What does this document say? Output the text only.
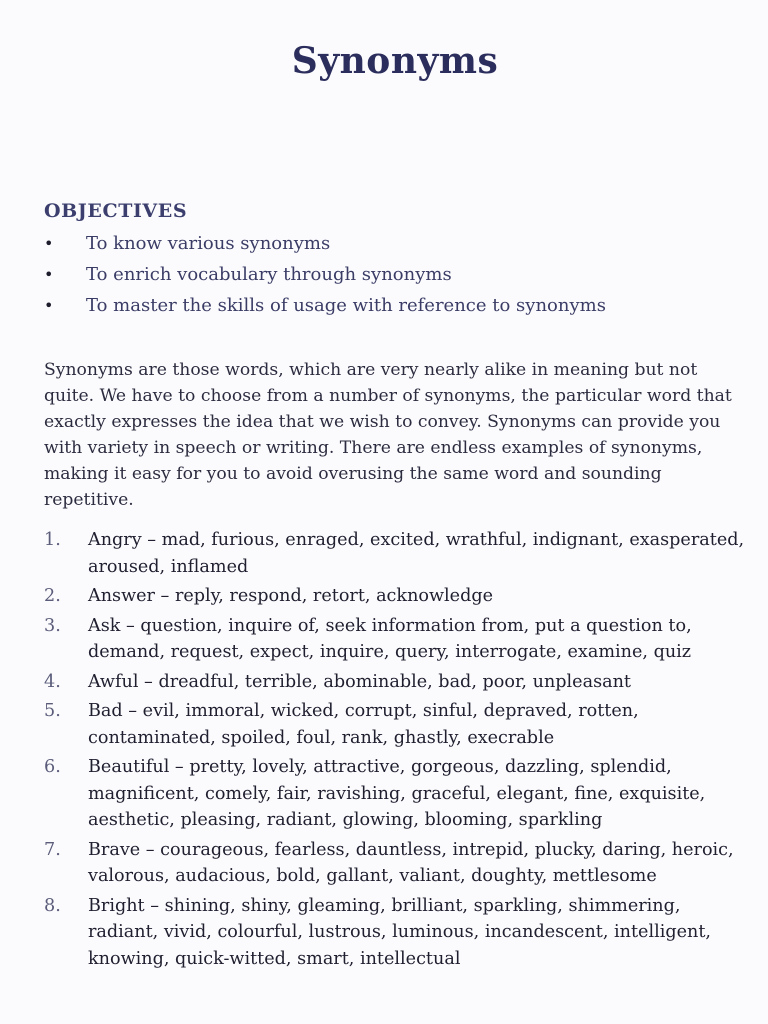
Synonyms
OBJECTIVES
• To know various synonyms
• To enrich vocabulary through synonyms
• To master the skills of usage with reference to synonyms

Synonyms are those words, which are very nearly alike in meaning but not quite. We have to choose from a number of synonyms, the particular word that exactly expresses the idea that we wish to convey. Synonyms can provide you with variety in speech or writing. There are endless examples of synonyms, making it easy for you to avoid overusing the same word and sounding repetitive.

1. Angry – mad, furious, enraged, excited, wrathful, indignant, exasperated, aroused, inflamed
2. Answer – reply, respond, retort, acknowledge
3. Ask – question, inquire of, seek information from, put a question to, demand, request, expect, inquire, query, interrogate, examine, quiz
4. Awful – dreadful, terrible, abominable, bad, poor, unpleasant
5. Bad – evil, immoral, wicked, corrupt, sinful, depraved, rotten, contaminated, spoiled, foul, rank, ghastly, execrable
6. Beautiful – pretty, lovely, attractive, gorgeous, dazzling, splendid, magnificent, comely, fair, ravishing, graceful, elegant, fine, exquisite, aesthetic, pleasing, radiant, glowing, blooming, sparkling
7. Brave – courageous, fearless, dauntless, intrepid, plucky, daring, heroic, valorous, audacious, bold, gallant, valiant, doughty, mettlesome
8. Bright – shining, shiny, gleaming, brilliant, sparkling, shimmering, radiant, vivid, colourful, lustrous, luminous, incandescent, intelligent, knowing, quick-witted, smart, intellectual
